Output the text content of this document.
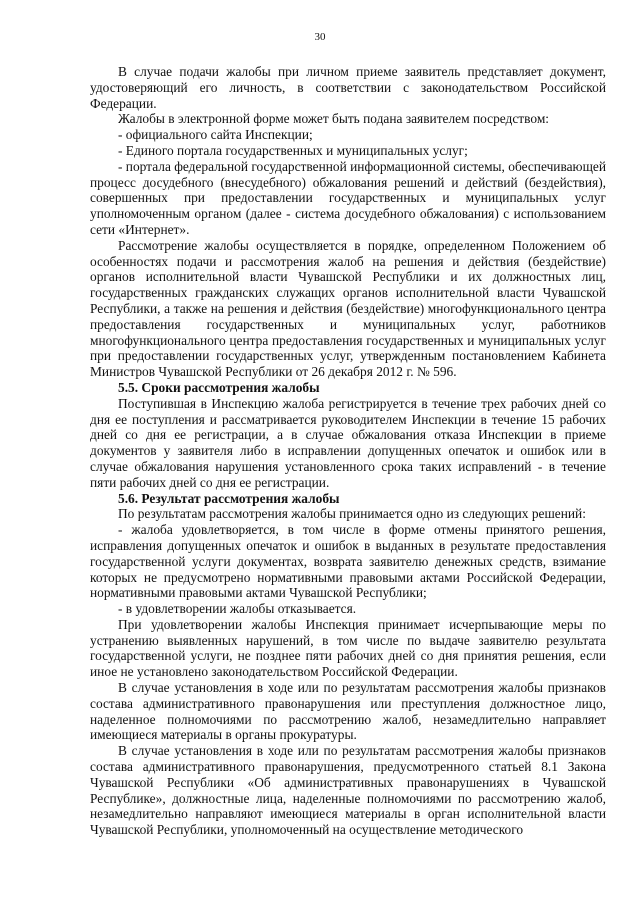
30

В случае подачи жалобы при личном приеме заявитель представляет документ, удостоверяющий его личность, в соответствии с законодательством Российской Федерации.

Жалобы в электронной форме может быть подана заявителем посредством:

- официального сайта Инспекции;

- Единого портала государственных и муниципальных услуг;

- портала федеральной государственной информационной системы, обеспечивающей процесс досудебного (внесудебного) обжалования решений и действий (бездействия), совершенных при предоставлении государственных и муниципальных услуг уполномоченным органом (далее - система досудебного обжалования) с использованием сети «Интернет».

Рассмотрение жалобы осуществляется в порядке, определенном Положением об особенностях подачи и рассмотрения жалоб на решения и действия (бездействие) органов исполнительной власти Чувашской Республики и их должностных лиц, государственных гражданских служащих органов исполнительной власти Чувашской Республики, а также на решения и действия (бездействие) многофункционального центра предоставления государственных и муниципальных услуг, работников многофункционального центра предоставления государственных и муниципальных услуг при предоставлении государственных услуг, утвержденным постановлением Кабинета Министров Чувашской Республики от 26 декабря 2012 г. № 596.

5.5. Сроки рассмотрения жалобы

Поступившая в Инспекцию жалоба регистрируется в течение трех рабочих дней со дня ее поступления и рассматривается руководителем Инспекции в течение 15 рабочих дней со дня ее регистрации, а в случае обжалования отказа Инспекции в приеме документов у заявителя либо в исправлении допущенных опечаток и ошибок или в случае обжалования нарушения установленного срока таких исправлений - в течение пяти рабочих дней со дня ее регистрации.

5.6. Результат рассмотрения жалобы

По результатам рассмотрения жалобы принимается одно из следующих решений:

- жалоба удовлетворяется, в том числе в форме отмены принятого решения, исправления допущенных опечаток и ошибок в выданных в результате предоставления государственной услуги документах, возврата заявителю денежных средств, взимание которых не предусмотрено нормативными правовыми актами Российской Федерации, нормативными правовыми актами Чувашской Республики;

- в удовлетворении жалобы отказывается.

При удовлетворении жалобы Инспекция принимает исчерпывающие меры по устранению выявленных нарушений, в том числе по выдаче заявителю результата государственной услуги, не позднее пяти рабочих дней со дня принятия решения, если иное не установлено законодательством Российской Федерации.

В случае установления в ходе или по результатам рассмотрения жалобы признаков состава административного правонарушения или преступления должностное лицо, наделенное полномочиями по рассмотрению жалоб, незамедлительно направляет имеющиеся материалы в органы прокуратуры.

В случае установления в ходе или по результатам рассмотрения жалобы признаков состава административного правонарушения, предусмотренного статьей 8.1 Закона Чувашской Республики «Об административных правонарушениях в Чувашской Республике», должностные лица, наделенные полномочиями по рассмотрению жалоб, незамедлительно направляют имеющиеся материалы в орган исполнительной власти Чувашской Республики, уполномоченный на осуществление методического
